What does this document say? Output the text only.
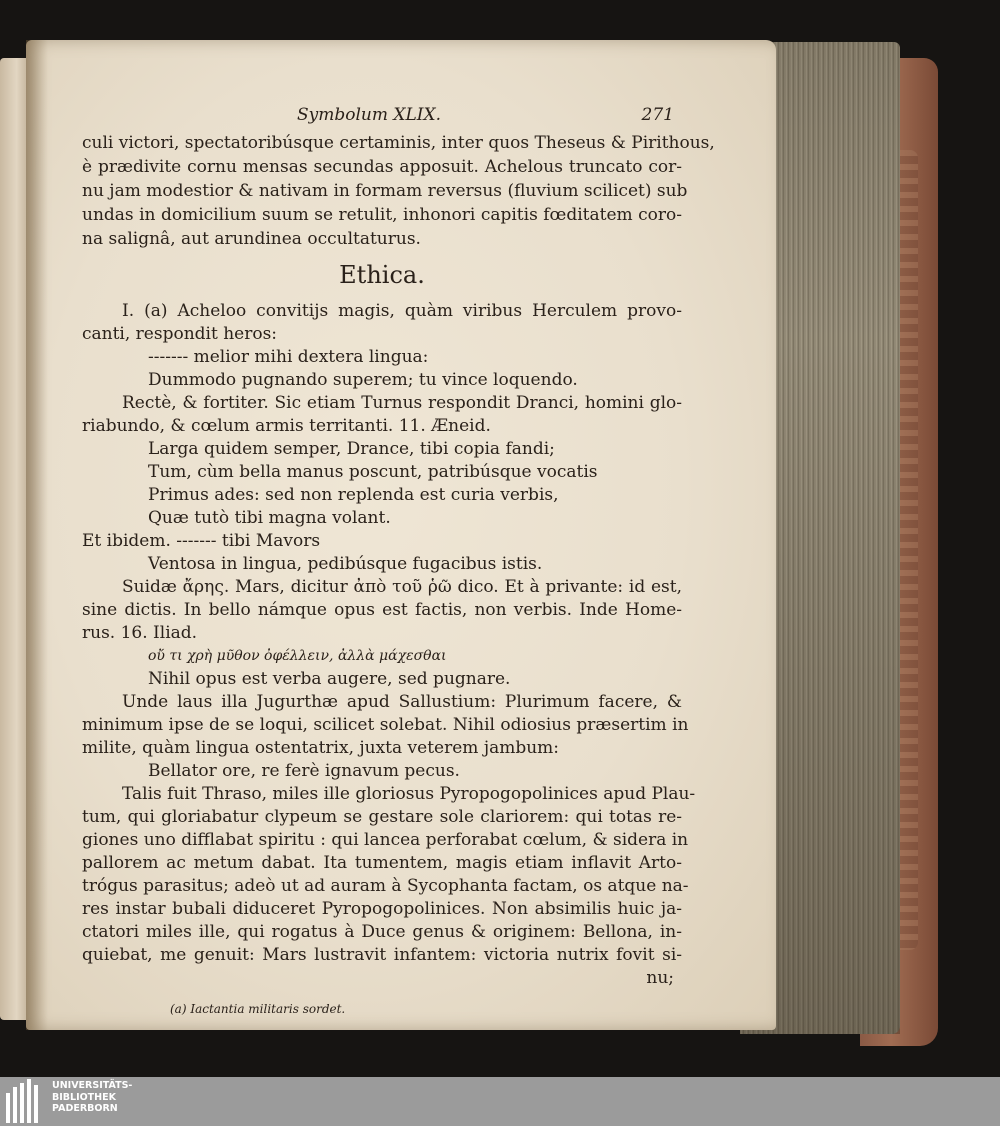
Symbolum XLIX.	271
culi victori, spectatoribúsque certaminis, inter quos Theseus & Pirithous,
è prædivite cornu mensas secundas apposuit. Achelous truncato cor-
nu jam modestior & nativam in formam reversus (fluvium scilicet) sub
undas in domicilium suum se retulit, inhonori capitis fœditatem coro-
na salignâ, aut arundinea occultaturus.
Ethica.
I. (a) Acheloo convitijs magis, quàm viribus Herculem provo-
canti, respondit heros:
------- melior mihi dextera lingua:
Dummodo pugnando superem; tu vince loquendo.
Rectè, & fortiter. Sic etiam Turnus respondit Dranci, homini glo-
riabundo, & cœlum armis territanti. 11. Æneid.
Larga quidem semper, Drance, tibi copia fandi;
Tum, cùm bella manus poscunt, patribúsque vocatis
Primus ades: sed non replenda est curia verbis,
Quæ tutò tibi magna volant.
Et ibidem. ------- tibi Mavors
Ventosa in lingua, pedibúsque fugacibus istis.
Suidæ ἄρης. Mars, dicitur ἀπὸ τοῦ ῥῶ dico. Et à privante: id est,
sine dictis. In bello námque opus est factis, non verbis. Inde Home-
rus. 16. Iliad.
οὔ τι χρὴ μῦθον ὀφέλλειν, ἀλλὰ μάχεσθαι
Nihil opus est verba augere, sed pugnare.
Unde laus illa Jugurthæ apud Sallustium: Plurimum facere, &
minimum ipse de se loqui, scilicet solebat. Nihil odiosius præsertim in
milite, quàm lingua ostentatrix, juxta veterem jambum:
Bellator ore, re ferè ignavum pecus.
Talis fuit Thraso, miles ille gloriosus Pyropogopolinices apud Plau-
tum, qui gloriabatur clypeum se gestare sole clariorem: qui totas re-
giones uno difflabat spiritu : qui lancea perforabat cœlum, & sidera in
pallorem ac metum dabat. Ita tumentem, magis etiam inflavit Arto-
trógus parasitus; adeò ut ad auram à Sycophanta factam, os atque na-
res instar bubali diduceret Pyropogopolinices. Non absimilis huic ja-
ctatori miles ille, qui rogatus à Duce genus & originem: Bellona, in-
quiebat, me genuit: Mars lustravit infantem: victoria nutrix fovit si-
nu;
(a) Iactantia militaris sordet.
UNIVERSITÄTS-
BIBLIOTHEK
PADERBORN
